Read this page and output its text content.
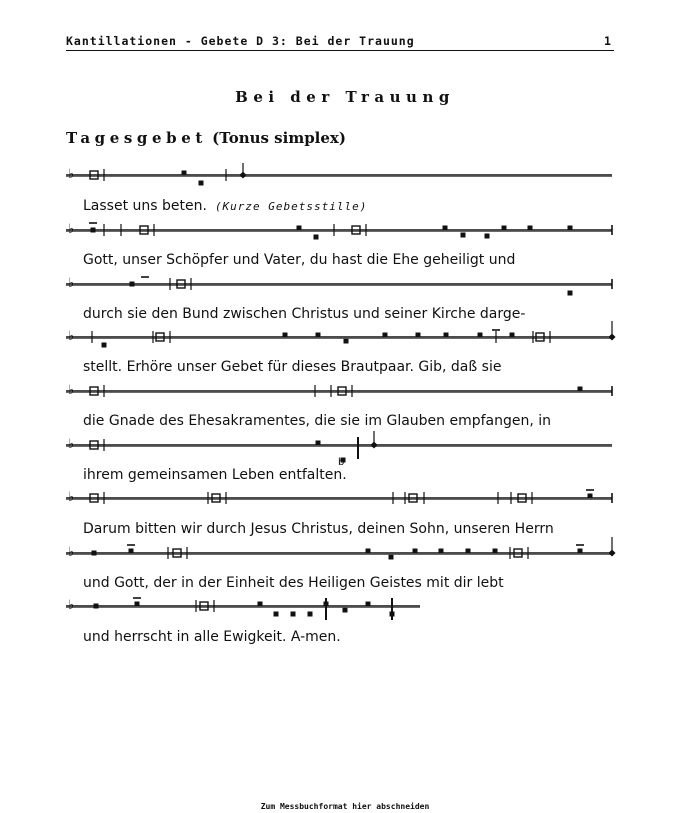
Kantillationen - Gebete D 3: Bei der Trauung	1
Bei der Trauung
Tagesgebet (Tonus simplex)
♭
♭
♭
♭
♭
♭
♭
♭
♭
b
Lasset uns beten. (Kurze Gebetsstille)
Gott, unser Schöpfer und Vater, du hast die Ehe geheiligt und
durch sie den Bund zwischen Christus und seiner Kirche darge-
stellt. Erhöre unser Gebet für dieses Brautpaar. Gib, daß sie
die Gnade des Ehesakramentes, die sie im Glauben empfangen, in
ihrem gemeinsamen Leben entfalten.
Darum bitten wir durch Jesus Christus, deinen Sohn, unseren Herrn
und Gott, der in der Einheit des Heiligen Geistes mit dir lebt
und herrscht in alle Ewigkeit. A-men.
Zum Messbuchformat hier abschneiden
